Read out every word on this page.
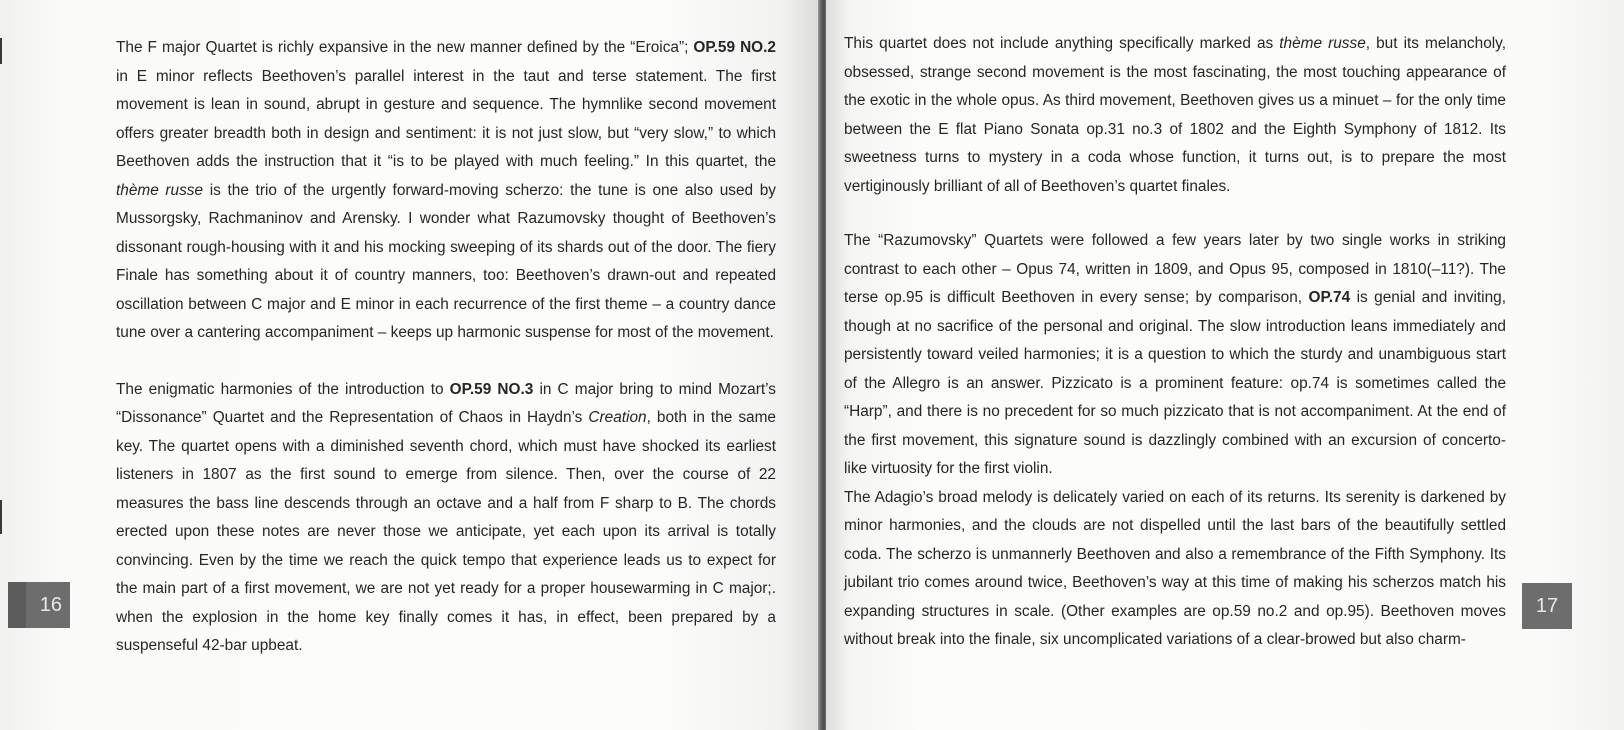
The F major Quartet is richly expansive in the new manner defined by the “Eroica”; OP.59 NO.2 in E minor reflects Beethoven’s parallel interest in the taut and terse statement. The first movement is lean in sound, abrupt in gesture and sequence. The hymnlike second movement offers greater breadth both in design and sentiment: it is not just slow, but “very slow,” to which Beethoven adds the instruction that it “is to be played with much feeling.” In this quartet, the thème russe is the trio of the urgently forward-moving scherzo: the tune is one also used by Mussorgsky, Rachmaninov and Arensky. I wonder what Razumovsky thought of Beethoven’s dissonant rough-housing with it and his mocking sweeping of its shards out of the door. The fiery Finale has something about it of country manners, too: Beethoven’s drawn-out and repeated oscillation between C major and E minor in each recurrence of the first theme – a country dance tune over a cantering accompaniment – keeps up harmonic suspense for most of the movement.

The enigmatic harmonies of the introduction to OP.59 NO.3 in C major bring to mind Mozart’s “Dissonance” Quartet and the Representation of Chaos in Haydn’s Creation, both in the same key. The quartet opens with a diminished seventh chord, which must have shocked its earliest listeners in 1807 as the first sound to emerge from silence. Then, over the course of 22 measures the bass line descends through an octave and a half from F sharp to B. The chords erected upon these notes are never those we anticipate, yet each upon its arrival is totally convincing. Even by the time we reach the quick tempo that experience leads us to expect for the main part of a first movement, we are not yet ready for a proper housewarming in C major;. when the explosion in the home key finally comes it has, in effect, been prepared by a suspenseful 42-bar upbeat.

16

This quartet does not include anything specifically marked as thème russe, but its melancholy, obsessed, strange second movement is the most fascinating, the most touching appearance of the exotic in the whole opus. As third movement, Beethoven gives us a minuet – for the only time between the E flat Piano Sonata op.31 no.3 of 1802 and the Eighth Symphony of 1812. Its sweetness turns to mystery in a coda whose function, it turns out, is to prepare the most vertiginously brilliant of all of Beethoven’s quartet finales.

The “Razumovsky” Quartets were followed a few years later by two single works in striking contrast to each other – Opus 74, written in 1809, and Opus 95, composed in 1810(–11?). The terse op.95 is difficult Beethoven in every sense; by comparison, OP.74 is genial and inviting, though at no sacrifice of the personal and original. The slow introduction leans immediately and persistently toward veiled harmonies; it is a question to which the sturdy and unambiguous start of the Allegro is an answer. Pizzicato is a prominent feature: op.74 is sometimes called the “Harp”, and there is no precedent for so much pizzicato that is not accompaniment. At the end of the first movement, this signature sound is dazzlingly combined with an excursion of concerto-like virtuosity for the first violin.

The Adagio’s broad melody is delicately varied on each of its returns. Its serenity is darkened by minor harmonies, and the clouds are not dispelled until the last bars of the beautifully settled coda. The scherzo is unmannerly Beethoven and also a remembrance of the Fifth Symphony. Its jubilant trio comes around twice, Beethoven’s way at this time of making his scherzos match his expanding structures in scale. (Other examples are op.59 no.2 and op.95). Beethoven moves without break into the finale, six uncomplicated variations of a clear-browed but also charm-

17
